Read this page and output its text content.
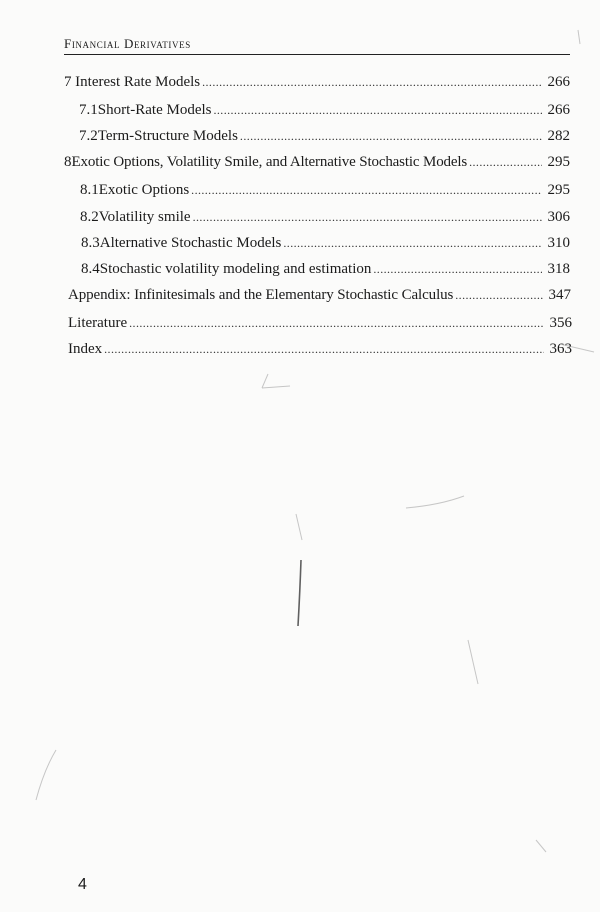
Financial Derivatives
7 Interest Rate Models .....	266
7.1 Short-Rate Models .....	266
7.2 Term-Structure Models .....	282
8 Exotic Options, Volatility Smile, and Alternative Stochastic Models .....	295
8.1 Exotic Options .....	295
8.2 Volatility smile .....	306
8.3 Alternative Stochastic Models .....	310
8.4 Stochastic volatility modeling and estimation .....	318
Appendix: Infinitesimals and the Elementary Stochastic Calculus .....	347
Literature .....	356
Index .....	363
4
